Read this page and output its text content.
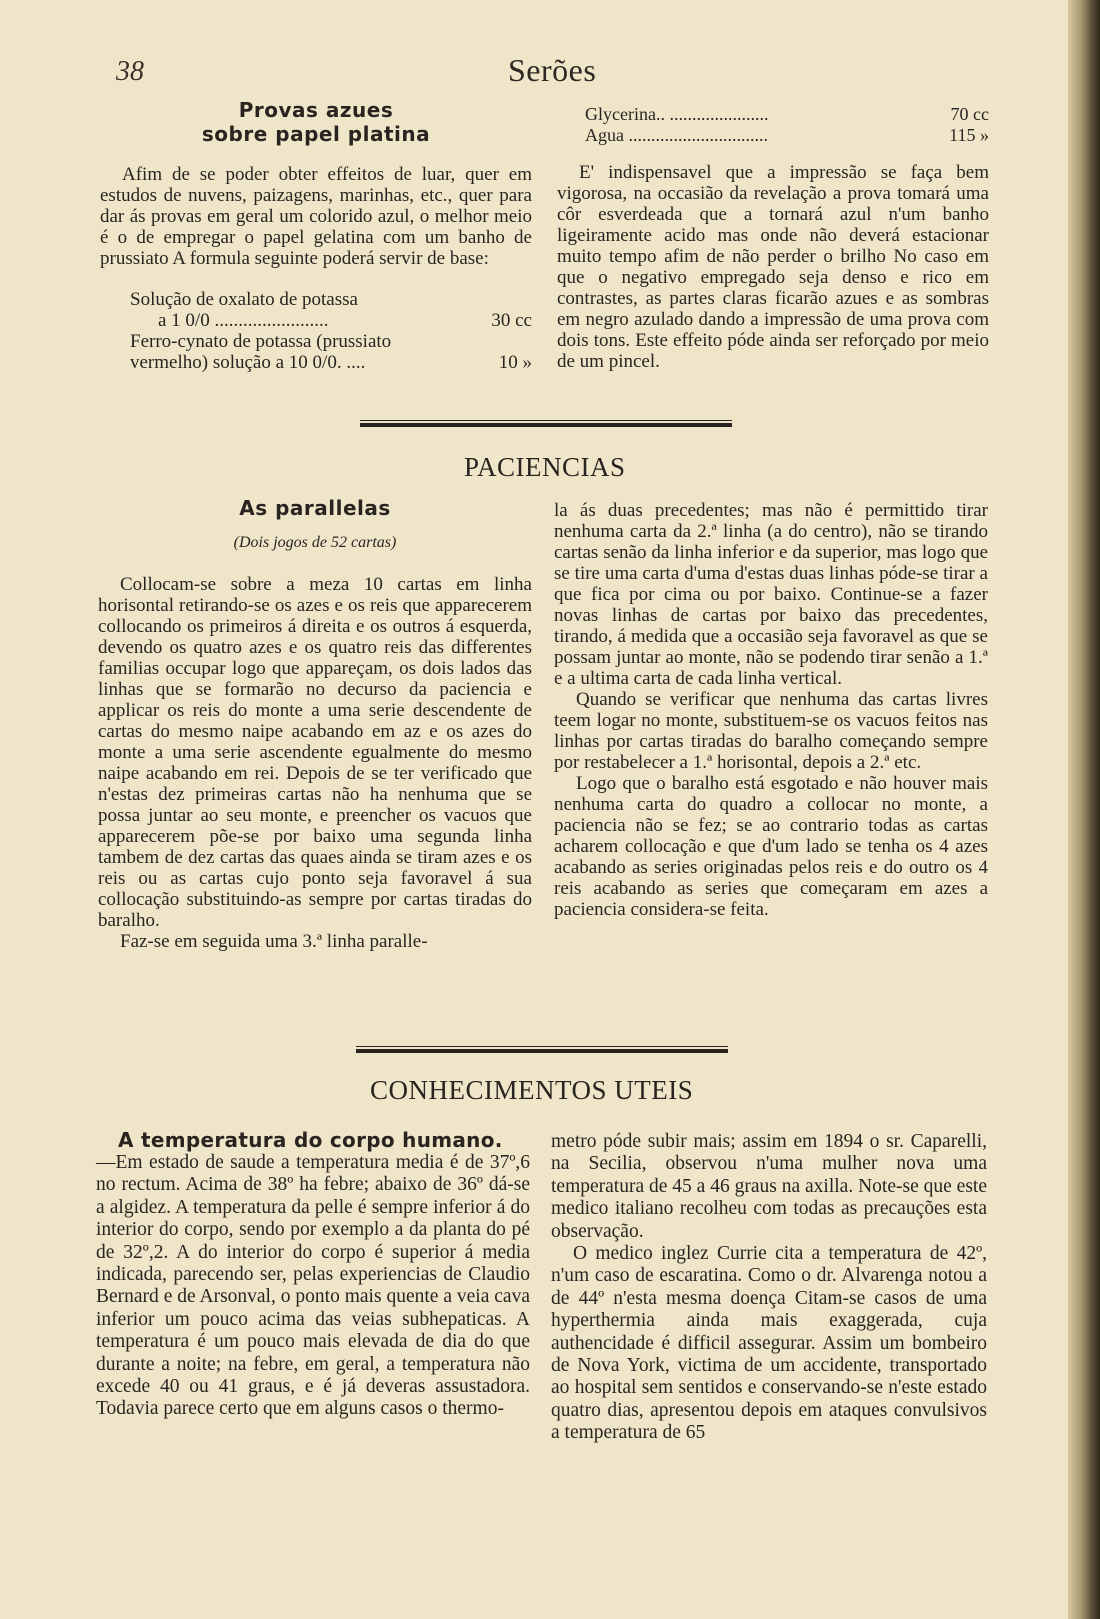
38	Serões

Provas azues

sobre papel platina

Afim de se poder obter effeitos de luar, quer em estudos de nuvens, paizagens, marinhas, etc., quer para dar ás provas em geral um colorido azul, o melhor meio é o de empregar o papel gelatina com um banho de prussiato A formula seguinte poderá servir de base:

Solução de oxalato de potassa
a 1 0/0 ........................	30 cc
Ferro-cynato de potassa (prussiato
vermelho) solução a 10 0/0. ....	10 »
Glycerina.. ......................	70 cc
Agua ...............................	115 »

E' indispensavel que a impressão se faça bem vigorosa, na occasião da revelação a prova tomará uma côr esverdeada que a tornará azul n'um banho ligeiramente acido mas onde não deverá estacionar muito tempo afim de não perder o brilho No caso em que o negativo empregado seja denso e rico em contrastes, as partes claras ficarão azues e as sombras em negro azulado dando a impressão de uma prova com dois tons. Este effeito póde ainda ser reforçado por meio de um pincel.

PACIENCIAS

As parallelas

(Dois jogos de 52 cartas)

Collocam-se sobre a meza 10 cartas em linha horisontal retirando-se os azes e os reis que apparecerem collocando os primeiros á direita e os outros á esquerda, devendo os quatro azes e os quatro reis das differentes familias occupar logo que appareçam, os dois lados das linhas que se formarão no decurso da paciencia e applicar os reis do monte a uma serie descendente de cartas do mesmo naipe acabando em az e os azes do monte a uma serie ascendente egualmente do mesmo naipe acabando em rei. Depois de se ter verificado que n'estas dez primeiras cartas não ha nenhuma que se possa juntar ao seu monte, e preencher os vacuos que apparecerem põe-se por baixo uma segunda linha tambem de dez cartas das quaes ainda se tiram azes e os reis ou as cartas cujo ponto seja favoravel á sua collocação substituindo-as sempre por cartas tiradas do baralho.

Faz-se em seguida uma 3.ª linha paralle-

la ás duas precedentes; mas não é permittido tirar nenhuma carta da 2.ª linha (a do centro), não se tirando cartas senão da linha inferior e da superior, mas logo que se tire uma carta d'uma d'estas duas linhas póde-se tirar a que fica por cima ou por baixo. Continue-se a fazer novas linhas de cartas por baixo das precedentes, tirando, á medida que a occasião seja favoravel as que se possam juntar ao monte, não se podendo tirar senão a 1.ª e a ultima carta de cada linha vertical.

Quando se verificar que nenhuma das cartas livres teem logar no monte, substituem-se os vacuos feitos nas linhas por cartas tiradas do baralho começando sempre por restabelecer a 1.ª horisontal, depois a 2.ª etc.

Logo que o baralho está esgotado e não houver mais nenhuma carta do quadro a collocar no monte, a paciencia não se fez; se ao contrario todas as cartas acharem collocação e que d'um lado se tenha os 4 azes acabando as series originadas pelos reis e do outro os 4 reis acabando as series que começaram em azes a paciencia considera-se feita.

CONHECIMENTOS UTEIS

A temperatura do corpo humano.

—Em estado de saude a temperatura media é de 37º,6 no rectum. Acima de 38º ha febre; abaixo de 36º dá-se a algidez. A temperatura da pelle é sempre inferior á do interior do corpo, sendo por exemplo a da planta do pé de 32º,2. A do interior do corpo é superior á media indicada, parecendo ser, pelas experiencias de Claudio Bernard e de Arsonval, o ponto mais quente a veia cava inferior um pouco acima das veias subhepaticas. A temperatura é um pouco mais elevada de dia do que durante a noite; na febre, em geral, a temperatura não excede 40 ou 41 graus, e é já deveras assustadora. Todavia parece certo que em alguns casos o thermo-

metro póde subir mais; assim em 1894 o sr. Caparelli, na Secilia, observou n'uma mulher nova uma temperatura de 45 a 46 graus na axilla. Note-se que este medico italiano recolheu com todas as precauções esta observação.

O medico inglez Currie cita a temperatura de 42º, n'um caso de escaratina. Como o dr. Alvarenga notou a de 44º n'esta mesma doença Citam-se casos de uma hyperthermia ainda mais exaggerada, cuja authencidade é difficil assegurar. Assim um bombeiro de Nova York, victima de um accidente, transportado ao hospital sem sentidos e conservando-se n'este estado quatro dias, apresentou depois em ataques convulsivos a temperatura de 65
